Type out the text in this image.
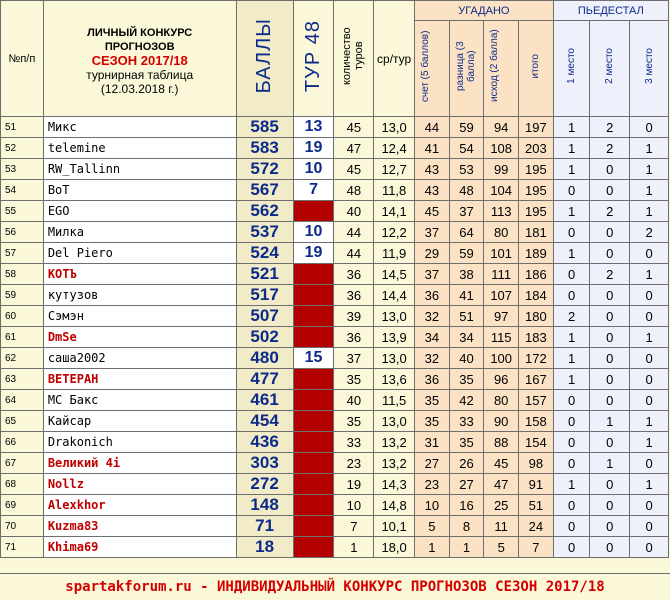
№п/п	ЛИЧНЫЙ КОНКУРС
ПРОГНОЗОВ
СЕЗОН 2017/18
турнирная таблица
(12.03.2018 г.)	БАЛЛЫ	ТУР 48	количество туров	ср/тур	УГАДАНО				ПЬЕДЕСТАЛ		
						счет (5 баллов)	разница (3 балла)	исход (2 балла)	итого	1 место	2 место	3 место
51	Микс	585	13	45	13,0	44	59	94	197	1	2	0
52	telemine	583	19	47	12,4	41	54	108	203	1	2	1
53	RW_Tallinn	572	10	45	12,7	43	53	99	195	1	0	1
54	BoT	567	7	48	11,8	43	48	104	195	0	0	1
55	EGO	562		40	14,1	45	37	113	195	1	2	1
56	Милка	537	10	44	12,2	37	64	80	181	0	0	2
57	Del Piero	524	19	44	11,9	29	59	101	189	1	0	0
58	КОТЪ	521		36	14,5	37	38	111	186	0	2	1
59	кутузов	517		36	14,4	36	41	107	184	0	0	0
60	Сэмэн	507		39	13,0	32	51	97	180	2	0	0
61	DmSe	502		36	13,9	34	34	115	183	1	0	1
62	саша2002	480	15	37	13,0	32	40	100	172	1	0	0
63	ВЕТЕРАН	477		35	13,6	36	35	96	167	1	0	0
64	МС Бакс	461		40	11,5	35	42	80	157	0	0	0
65	Кайсар	454		35	13,0	35	33	90	158	0	1	1
66	Drakonich	436		33	13,2	31	35	88	154	0	0	1
67	Великий 4i	303		23	13,2	27	26	45	98	0	1	0
68	Nollz	272		19	14,3	23	27	47	91	1	0	1
69	Alexkhor	148		10	14,8	10	16	25	51	0	0	0
70	Kuzma83	71		7	10,1	5	8	11	24	0	0	0
71	Khima69	18		1	18,0	1	1	5	7	0	0	0
spartakforum.ru - ИНДИВИДУАЛЬНЫЙ КОНКУРС ПРОГНОЗОВ СЕЗОН 2017/18
